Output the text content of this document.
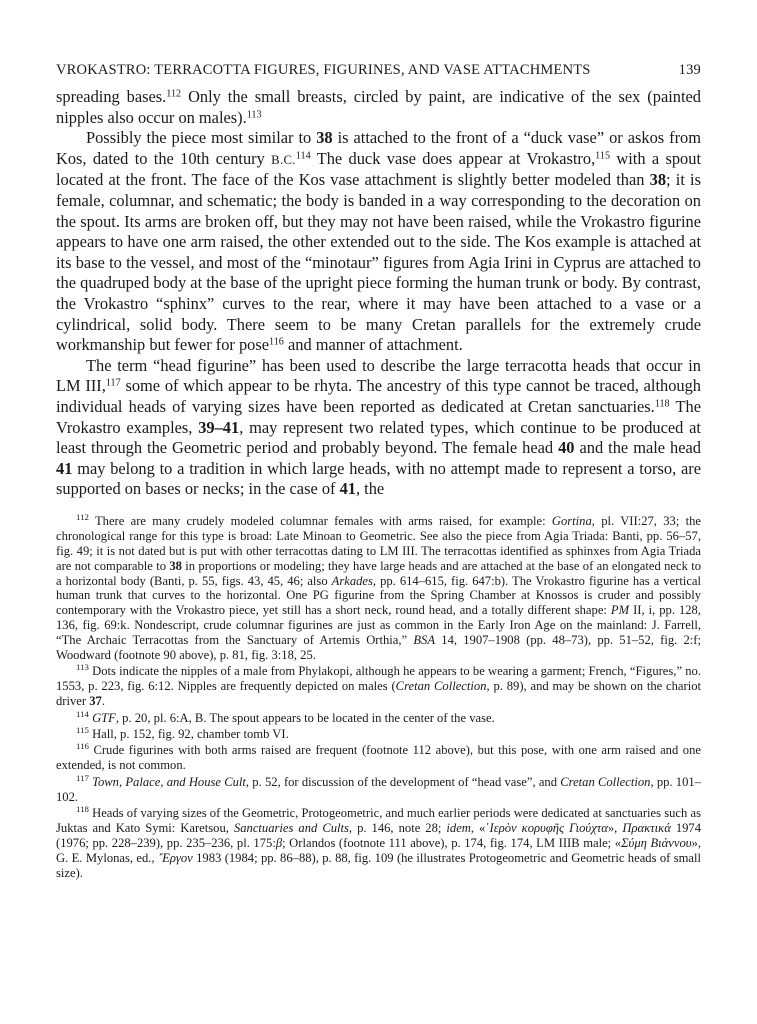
VROKASTRO: TERRACOTTA FIGURES, FIGURINES, AND VASE ATTACHMENTS	139

spreading bases.$^{112}$ Only the small breasts, circled by paint, are indicative of the sex (painted nipples also occur on males).$^{113}$

Possibly the piece most similar to 38 is attached to the front of a “duck vase” or askos from Kos, dated to the 10th century B.C.$^{114}$ The duck vase does appear at Vrokastro,$^{115}$ with a spout located at the front. The face of the Kos vase attachment is slightly better modeled than 38; it is female, columnar, and schematic; the body is banded in a way corresponding to the decoration on the spout. Its arms are broken off, but they may not have been raised, while the Vrokastro figurine appears to have one arm raised, the other extended out to the side. The Kos example is attached at its base to the vessel, and most of the “minotaur” figures from Agia Irini in Cyprus are attached to the quadruped body at the base of the upright piece forming the human trunk or body. By contrast, the Vrokastro “sphinx” curves to the rear, where it may have been attached to a vase or a cylindrical, solid body. There seem to be many Cretan parallels for the extremely crude workmanship but fewer for pose$^{116}$ and manner of attachment.

The term “head figurine” has been used to describe the large terracotta heads that occur in LM III,$^{117}$ some of which appear to be rhyta. The ancestry of this type cannot be traced, although individual heads of varying sizes have been reported as dedicated at Cretan sanctuaries.$^{118}$ The Vrokastro examples, 39–41, may represent two related types, which continue to be produced at least through the Geometric period and probably beyond. The female head 40 and the male head 41 may belong to a tradition in which large heads, with no attempt made to represent a torso, are supported on bases or necks; in the case of 41, the

$^{112}$ There are many crudely modeled columnar females with arms raised, for example: Gortina, pl. VII:27, 33; the chronological range for this type is broad: Late Minoan to Geometric. See also the piece from Agia Triada: Banti, pp. 56–57, fig. 49; it is not dated but is put with other terracottas dating to LM III. The terracottas identified as sphinxes from Agia Triada are not comparable to 38 in proportions or modeling; they have large heads and are attached at the base of an elongated neck to a horizontal body (Banti, p. 55, figs. 43, 45, 46; also Arkades, pp. 614–615, fig. 647:b). The Vrokastro figurine has a vertical human trunk that curves to the horizontal. One PG figurine from the Spring Chamber at Knossos is cruder and possibly contemporary with the Vrokastro piece, yet still has a short neck, round head, and a totally different shape: PM II, i, pp. 128, 136, fig. 69:k. Nondescript, crude columnar figurines are just as common in the Early Iron Age on the mainland: J. Farrell, “The Archaic Terracottas from the Sanctuary of Artemis Orthia,” BSA 14, 1907–1908 (pp. 48–73), pp. 51–52, fig. 2:f; Woodward (footnote 90 above), p. 81, fig. 3:18, 25.

$^{113}$ Dots indicate the nipples of a male from Phylakopi, although he appears to be wearing a garment; French, “Figures,” no. 1553, p. 223, fig. 6:12. Nipples are frequently depicted on males (Cretan Collection, p. 89), and may be shown on the chariot driver 37.

$^{114}$ GTF, p. 20, pl. 6:A, B. The spout appears to be located in the center of the vase.

$^{115}$ Hall, p. 152, fig. 92, chamber tomb VI.

$^{116}$ Crude figurines with both arms raised are frequent (footnote 112 above), but this pose, with one arm raised and one extended, is not common.

$^{117}$ Town, Palace, and House Cult, p. 52, for discussion of the development of “head vase”, and Cretan Collection, pp. 101–102.

$^{118}$ Heads of varying sizes of the Geometric, Protogeometric, and much earlier periods were dedicated at sanctuaries such as Juktas and Kato Symi: Karetsou, Sanctuaries and Cults, p. 146, note 28; idem, «῾Ιερὸν κορυφῆς Γιούχτα», Πρακτικά 1974 (1976; pp. 228–239), pp. 235–236, pl. 175:β; Orlandos (footnote 111 above), p. 174, fig. 174, LM IIIB male; «Σύμη Βιάννου», G. E. Mylonas, ed., ῎Εργον 1983 (1984; pp. 86–88), p. 88, fig. 109 (he illustrates Protogeometric and Geometric heads of small size).
